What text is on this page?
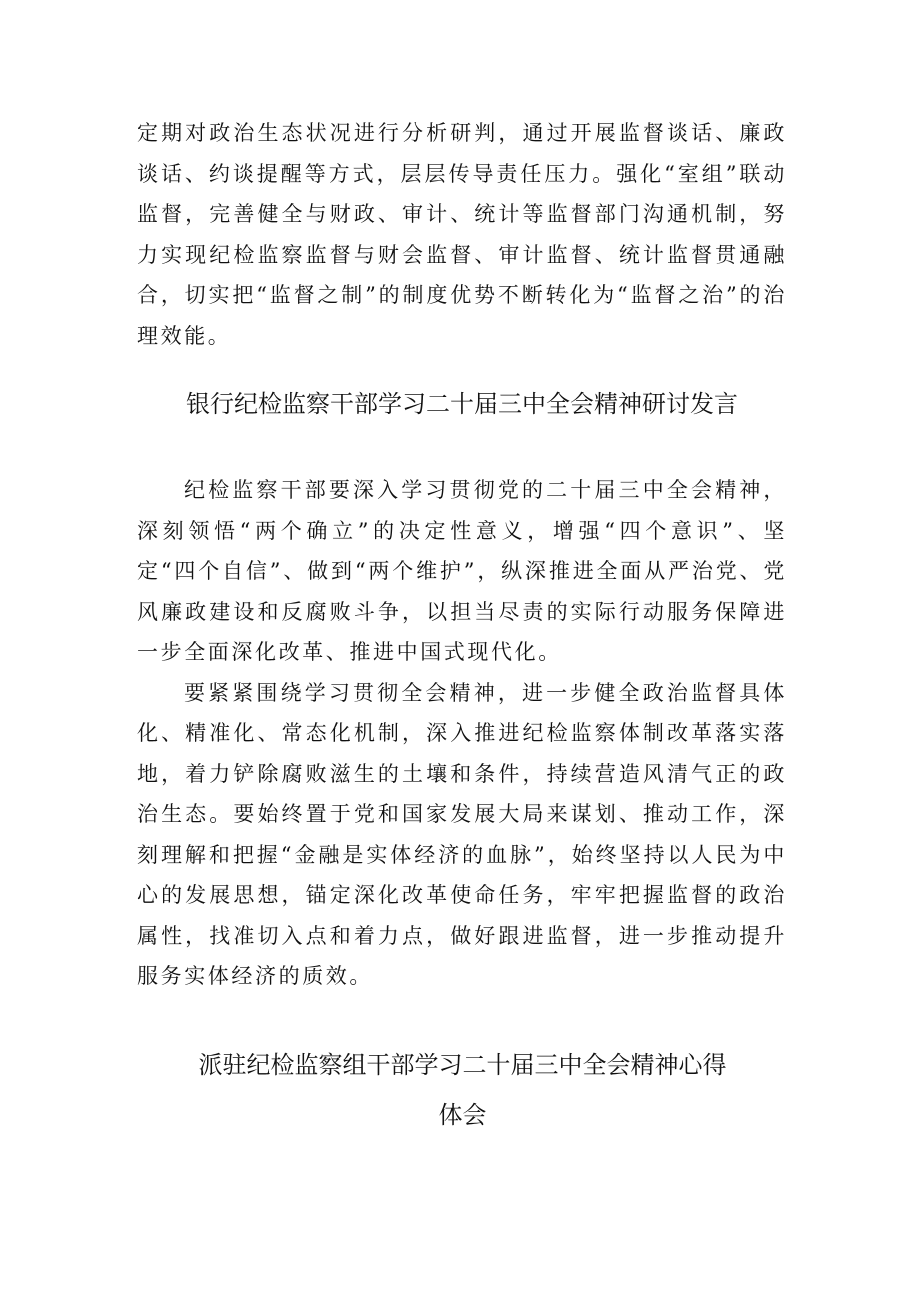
定期对政治生态状况进行分析研判，通过开展监督谈话、廉政谈话、约谈提醒等方式，层层传导责任压力。强化“室组”联动监督，完善健全与财政、审计、统计等监督部门沟通机制，努力实现纪检监察监督与财会监督、审计监督、统计监督贯通融合，切实把“监督之制”的制度优势不断转化为“监督之治”的治理效能。

银行纪检监察干部学习二十届三中全会精神研讨发言

纪检监察干部要深入学习贯彻党的二十届三中全会精神，深刻领悟“两个确立”的决定性意义，增强“四个意识”、坚定“四个自信”、做到“两个维护”，纵深推进全面从严治党、党风廉政建设和反腐败斗争，以担当尽责的实际行动服务保障进一步全面深化改革、推进中国式现代化。

要紧紧围绕学习贯彻全会精神，进一步健全政治监督具体化、精准化、常态化机制，深入推进纪检监察体制改革落实落地，着力铲除腐败滋生的土壤和条件，持续营造风清气正的政治生态。要始终置于党和国家发展大局来谋划、推动工作，深刻理解和把握“金融是实体经济的血脉”，始终坚持以人民为中心的发展思想，锚定深化改革使命任务，牢牢把握监督的政治属性，找准切入点和着力点，做好跟进监督，进一步推动提升服务实体经济的质效。

派驻纪检监察组干部学习二十届三中全会精神心得体会
